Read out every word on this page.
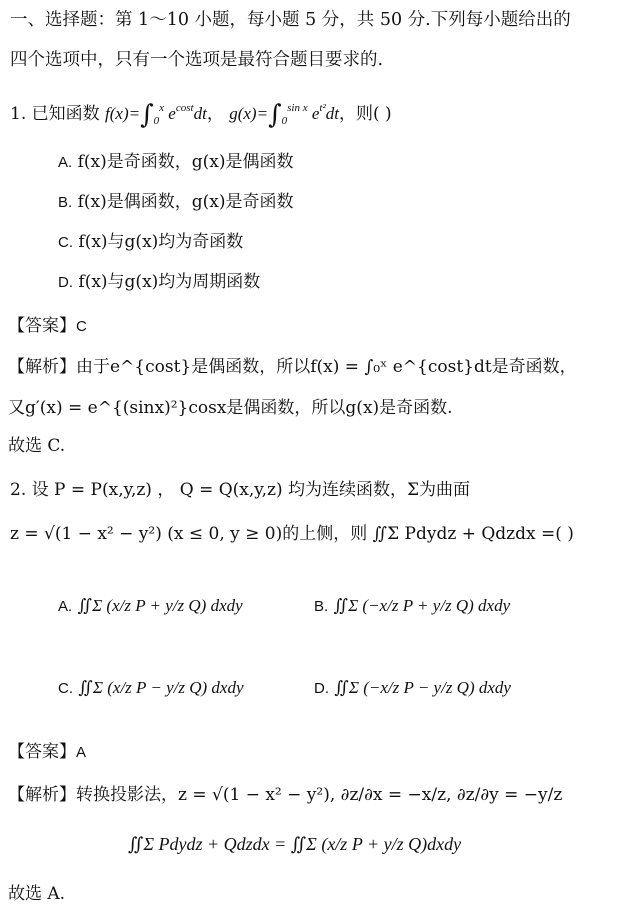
一、选择题：第 1～10 小题，每小题 5 分，共 50 分.下列每小题给出的
四个选项中，只有一个选项是最符合题目要求的.
1. 已知函数 $f(x)=\int_0^x$ $e^{cost}dt$， $g(x)=\int_0^{sin x}$ $e^{t^2}dt$，则( )
A. f(x)是奇函数，g(x)是偶函数
B. f(x)是偶函数，g(x)是奇函数
C. f(x)与g(x)均为奇函数
D. f(x)与g(x)均为周期函数
【答案】C
【解析】由于e^{cost}是偶函数，所以f(x) = ∫₀ˣ e^{cost}dt是奇函数，
又g′(x) = e^{(sinx)²}cosx是偶函数，所以g(x)是奇函数.
故选 C.
2. 设 P = P(x,y,z) ， Q = Q(x,y,z) 均为连续函数，Σ为曲面
z = √(1 − x² − y²) (x ≤ 0, y ≥ 0)的上侧，则 ∬Σ Pdydz + Qdzdx =( )
A. ∬Σ (x/z P + y/z Q) dxdy	B. ∬Σ (−x/z P + y/z Q) dxdy
C. ∬Σ (x/z P − y/z Q) dxdy	D. ∬Σ (−x/z P − y/z Q) dxdy
【答案】A
【解析】转换投影法，z = √(1 − x² − y²), ∂z/∂x = −x/z, ∂z/∂y = −y/z
∬Σ Pdydz + Qdzdx = ∬Σ (x/z P + y/z Q)dxdy
故选 A.
